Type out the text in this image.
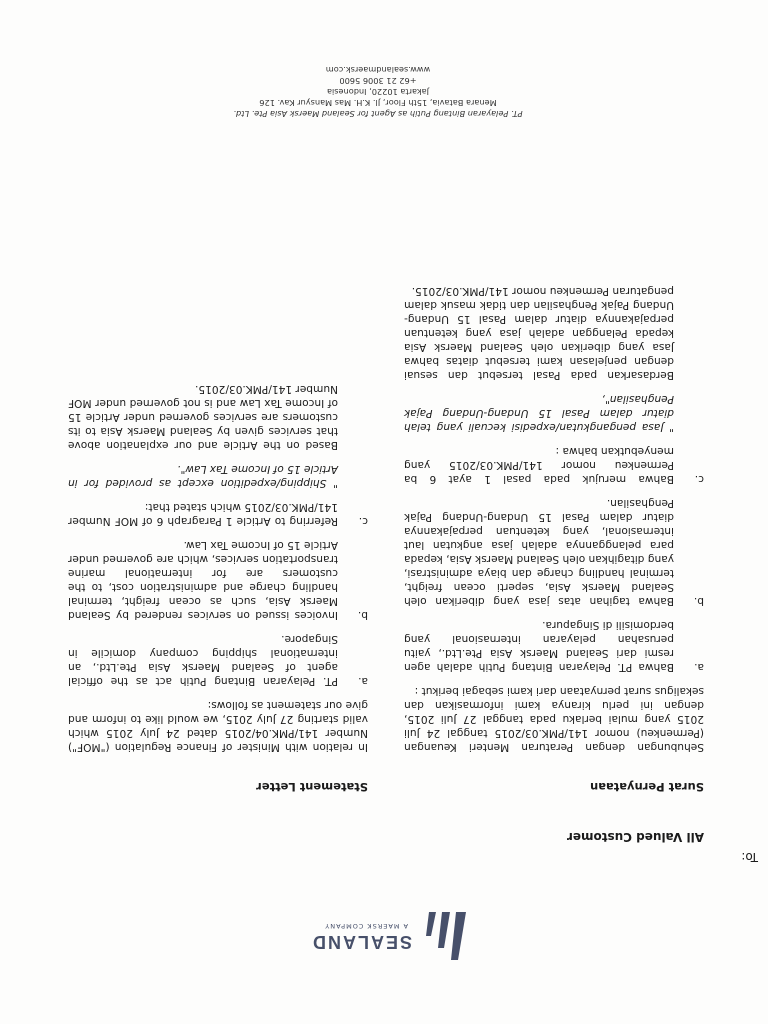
SEALAND
A MAERSK COMPANY
To:
All Valued Customer
Surat Pernyataan

Sehubungan dengan Peraturan Menteri Keuangan (Permenkeu) nomor 141/PMK.03/2015 tanggal 24 Juli 2015 yang mulai berlaku pada tanggal 27 Juli 2015, dengan ini perlu kiranya kami informasikan dan sekaligus surat pernyataan dari kami sebagai berikut :

a.
Bahwa PT. Pelayaran Bintang Putih adalah agen resmi dari Sealand Maersk Asia Pte.Ltd., yaitu perusahan pelayaran internasional yang berdomisili di Singapura.
b.
Bahwa tagihan atas jasa yang diberikan oleh Sealand Maersk Asia, seperti ocean freight, terminal handling charge dan biaya administrasi, yang ditagihkan oleh Sealand Maersk Asia, kepada para pelanggannya adalah jasa angkutan laut internasional, yang ketentuan perpajakannya diatur dalam Pasal 15 Undang-Undang Pajak Penghasilan.
c.
Bahwa merujuk pada pasal 1 ayat 6 ba Permenkeu nomor 141/PMK.03/2015 yang menyebutkan bahwa :
" Jasa pengangkutan/expedisi kecuali yang telah diatur dalam Pasal 15 Undang-Undang Pajak Penghasilan",

Berdasarkan pada Pasal tersebut dan sesuai dengan penjelasan kami tersebut diatas bahwa Jasa yang diberikan oleh Sealand Maersk Asia kepada Pelanggan adalah jasa yang ketentuan perpajakannya diatur dalam Pasal 15 Undang-Undang Pajak Penghasilan dan tidak masuk dalam pengaturan Permenkeu nomor 141/PMK.03/2015.

Statement Letter

In relation with Minister of Finance Regulation ("MOF") Number 141/PMK.04/2015 dated 24 July 2015 which valid starting 27 July 2015, we would like to inform and give our statement as follows:

a.
PT. Pelayaran Bintang Putih act as the official agent of Sealand Maersk Asia Pte.Ltd., an international shipping company domicile in Singapore.
b.
Invoices issued on services rendered by Sealand Maersk Asia, such as ocean freight, terminal handling charge and administration cost, to the customers are for international marine transportation services, which are governed under Article 15 of Income Tax Law.
c.
Referring to Article 1 Paragraph 6 of MOF Number 141/PMK.03/2015 which stated that:
" Shipping/expedition except as provided for in Article 15 of Income Tax Law".

Based on the Article and our explanation above that services given by Sealand Maersk Asia to its customers are services governed under Article 15 of Income Tax Law and is not governed under MOF Number 141/PMK.03/2015.

PT. Pelayaran Bintang Putih as Agent for Sealand Maersk Asia Pte. Ltd.
Menara Batavia, 15th Floor, Jl. K.H. Mas Mansyur Kav. 126
Jakarta 10220, Indonesia
+62 21 3006 5600
www.sealandmaersk.com
